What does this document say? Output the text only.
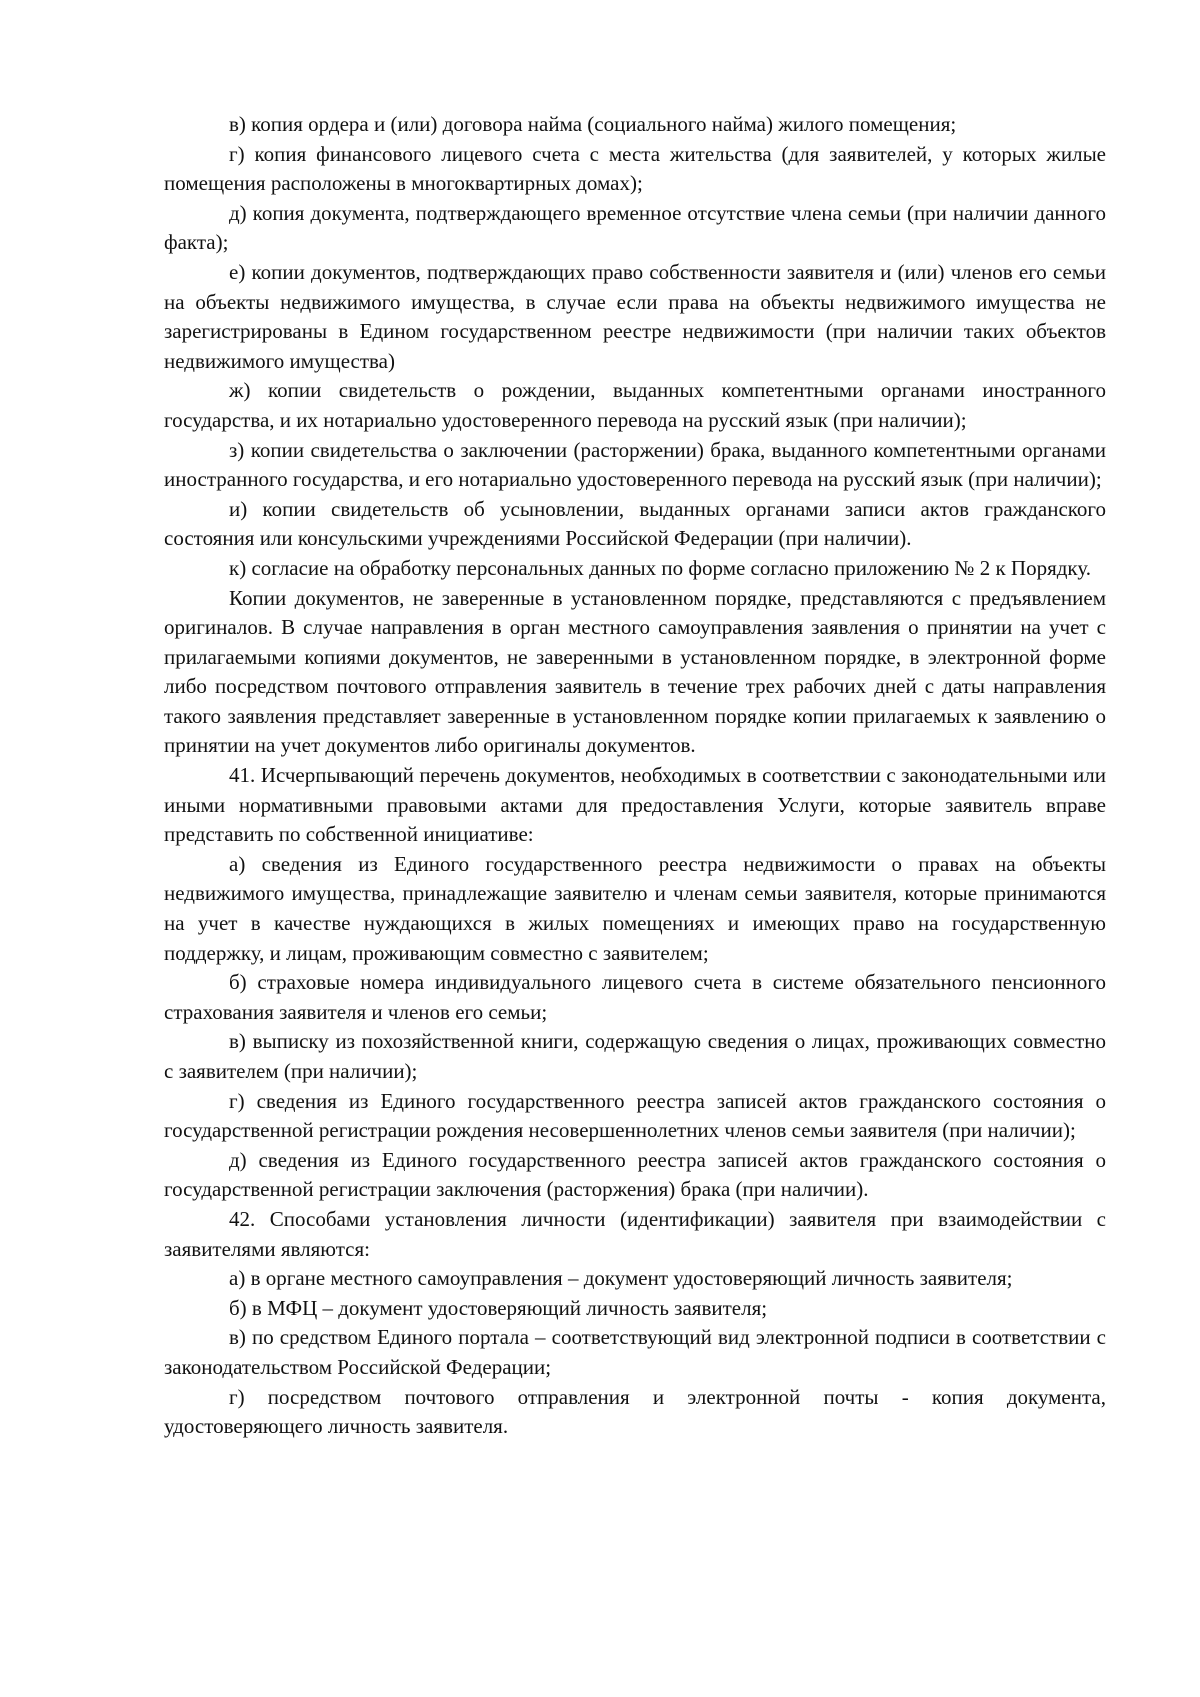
в) копия ордера и (или) договора найма (социального найма) жилого помещения;

г) копия финансового лицевого счета с места жительства (для заявителей, у которых жилые помещения расположены в многоквартирных домах);

д) копия документа, подтверждающего временное отсутствие члена семьи (при наличии данного факта);

е) копии документов, подтверждающих право собственности заявителя и (или) членов его семьи на объекты недвижимого имущества, в случае если права на объекты недвижимого имущества не зарегистрированы в Едином государственном реестре недвижимости (при наличии таких объектов недвижимого имущества)

ж) копии свидетельств о рождении, выданных компетентными органами иностранного государства, и их нотариально удостоверенного перевода на русский язык (при наличии);

з) копии свидетельства о заключении (расторжении) брака, выданного компетентными органами иностранного государства, и его нотариально удостоверенного перевода на русский язык (при наличии);

и) копии свидетельств об усыновлении, выданных органами записи актов гражданского состояния или консульскими учреждениями Российской Федерации (при наличии).

к) согласие на обработку персональных данных по форме согласно приложению № 2 к Порядку.

Копии документов, не заверенные в установленном порядке, представляются с предъявлением оригиналов. В случае направления в орган местного самоуправления заявления о принятии на учет с прилагаемыми копиями документов, не заверенными в установленном порядке, в электронной форме либо посредством почтового отправления заявитель в течение трех рабочих дней с даты направления такого заявления представляет заверенные в установленном порядке копии прилагаемых к заявлению о принятии на учет документов либо оригиналы документов.

41. Исчерпывающий перечень документов, необходимых в соответствии с законодательными или иными нормативными правовыми актами для предоставления Услуги, которые заявитель вправе представить по собственной инициативе:

а) сведения из Единого государственного реестра недвижимости о правах на объекты недвижимого имущества, принадлежащие заявителю и членам семьи заявителя, которые принимаются на учет в качестве нуждающихся в жилых помещениях и имеющих право на государственную поддержку, и лицам, проживающим совместно с заявителем;

б) страховые номера индивидуального лицевого счета в системе обязательного пенсионного страхования заявителя и членов его семьи;

в) выписку из похозяйственной книги, содержащую сведения о лицах, проживающих совместно с заявителем (при наличии);

г) сведения из Единого государственного реестра записей актов гражданского состояния о государственной регистрации рождения несовершеннолетних членов семьи заявителя (при наличии);

д) сведения из Единого государственного реестра записей актов гражданского состояния о государственной регистрации заключения (расторжения) брака (при наличии).

42. Способами установления личности (идентификации) заявителя при взаимодействии с заявителями являются:

а) в органе местного самоуправления – документ удостоверяющий личность заявителя;

б) в МФЦ – документ удостоверяющий личность заявителя;

в) по средством Единого портала – соответствующий вид электронной подписи в соответствии с законодательством Российской Федерации;

г) посредством почтового отправления и электронной почты - копия документа, удостоверяющего личность заявителя.
